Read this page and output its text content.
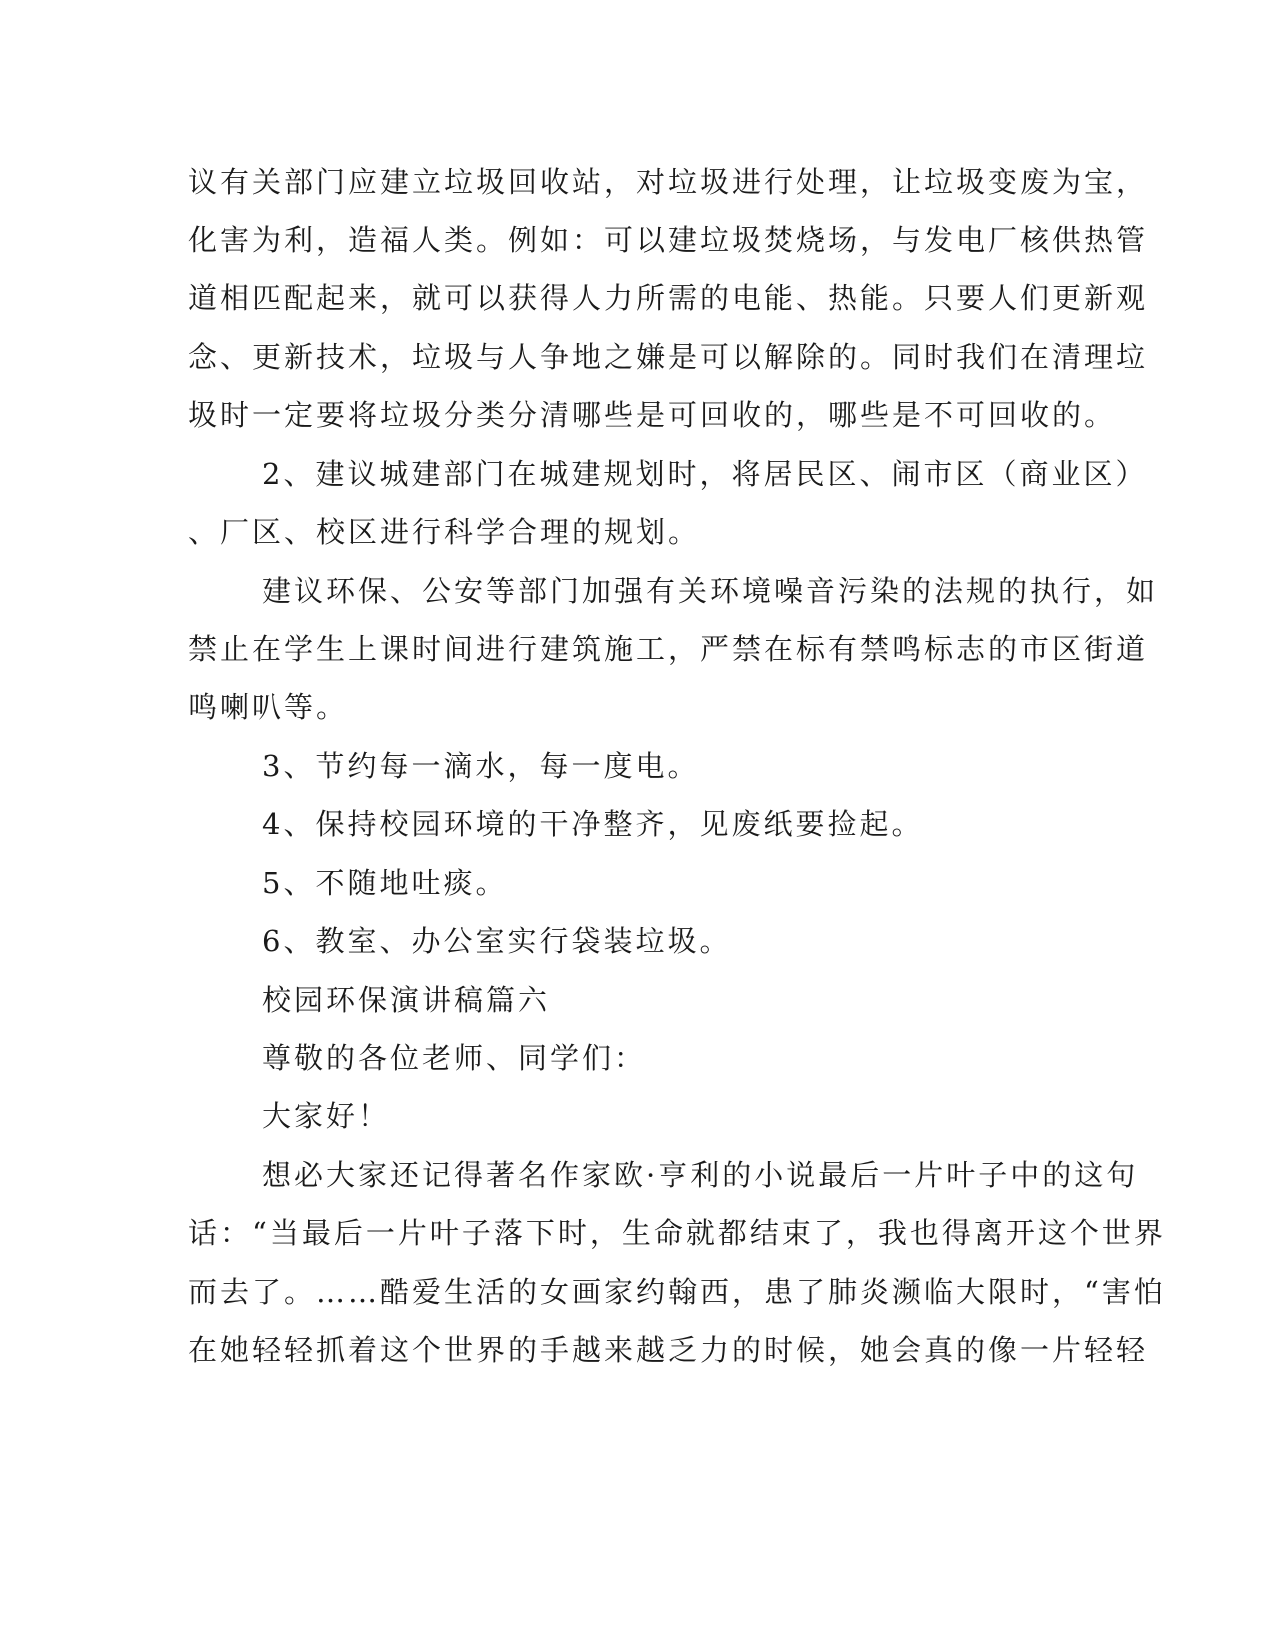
议有关部门应建立垃圾回收站，对垃圾进行处理，让垃圾变废为宝，
化害为利，造福人类。例如：可以建垃圾焚烧场，与发电厂核供热管
道相匹配起来，就可以获得人力所需的电能、热能。只要人们更新观
念、更新技术，垃圾与人争地之嫌是可以解除的。同时我们在清理垃
圾时一定要将垃圾分类分清哪些是可回收的，哪些是不可回收的。
2、建议城建部门在城建规划时，将居民区、闹市区（商业区）
、厂区、校区进行科学合理的规划。
建议环保、公安等部门加强有关环境噪音污染的法规的执行，如
禁止在学生上课时间进行建筑施工，严禁在标有禁鸣标志的市区街道
鸣喇叭等。
3、节约每一滴水，每一度电。
4、保持校园环境的干净整齐，见废纸要捡起。
5、不随地吐痰。
6、教室、办公室实行袋装垃圾。
校园环保演讲稿篇六
尊敬的各位老师、同学们：
大家好！
想必大家还记得著名作家欧·亨利的小说最后一片叶子中的这句
话：“当最后一片叶子落下时，生命就都结束了，我也得离开这个世界
而去了。……酷爱生活的女画家约翰西，患了肺炎濒临大限时，“害怕
在她轻轻抓着这个世界的手越来越乏力的时候，她会真的像一片轻轻
